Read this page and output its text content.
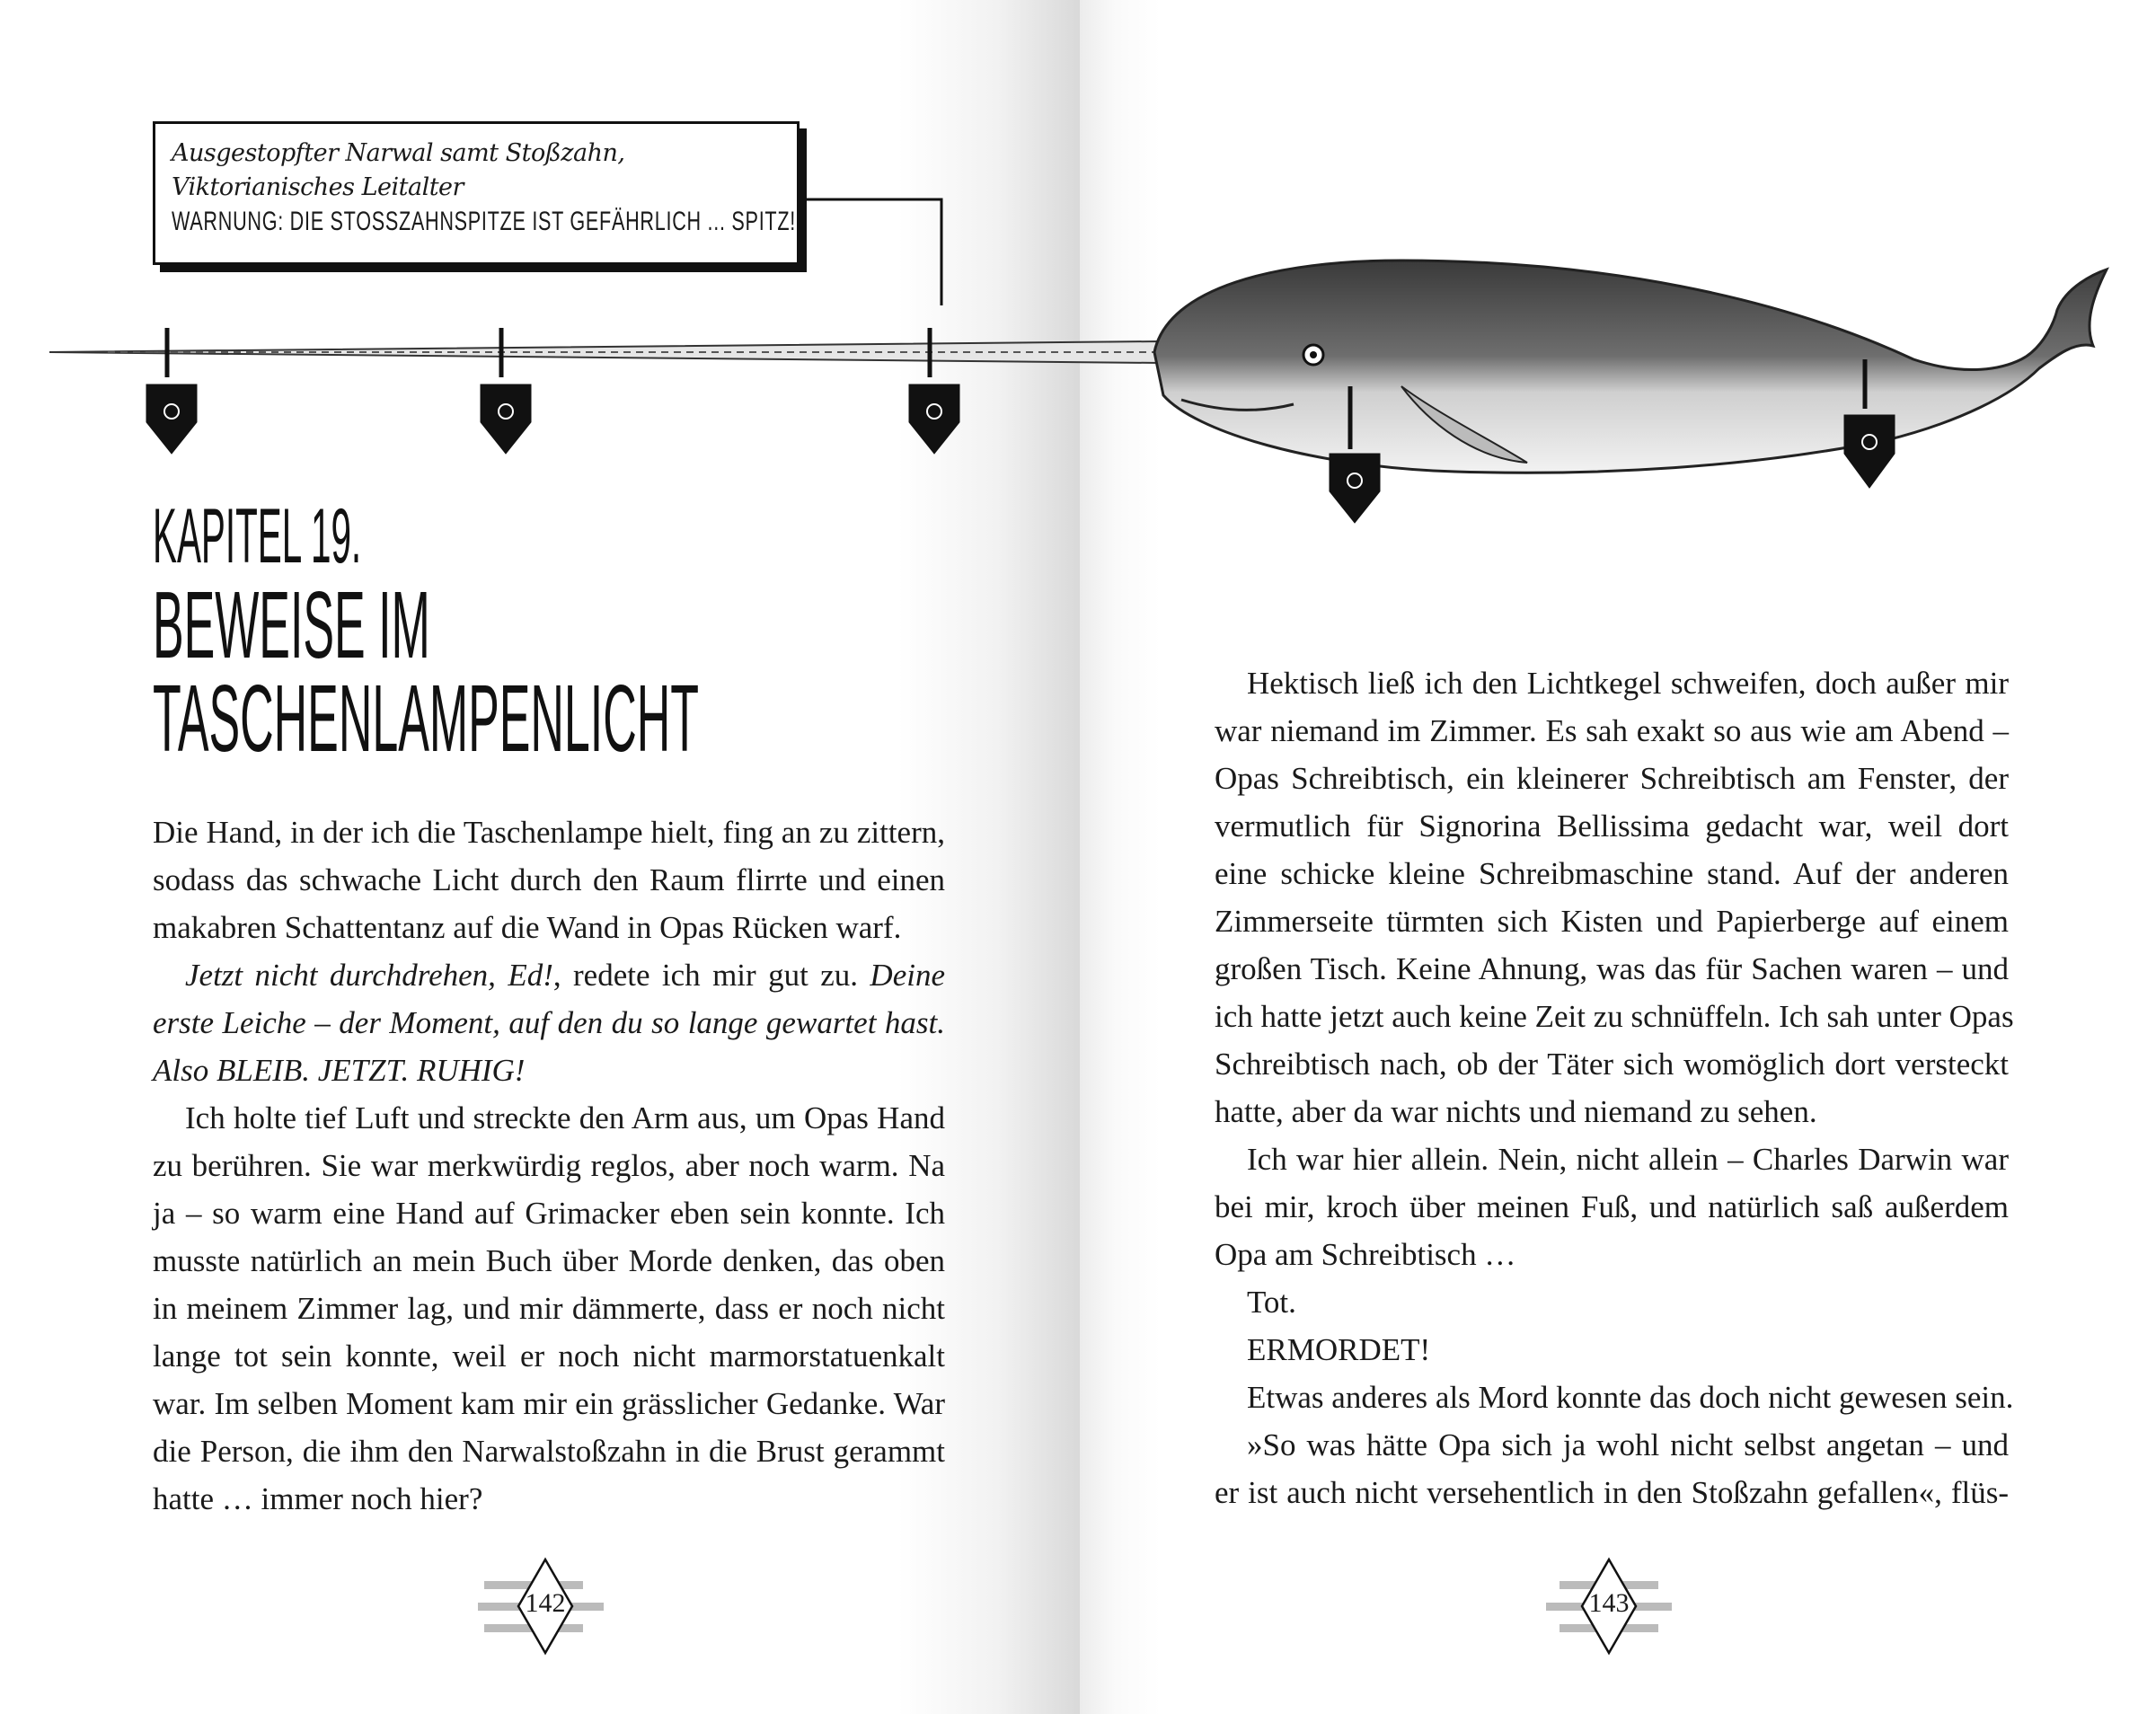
Ausgestopfter Narwal samt Stoßzahn,
Viktorianisches Leitalter
WARNUNG: DIE STOSSZAHNSPITZE IST GEFÄHRLICH ... SPITZ!
KAPITEL 19.
BEWEISE IM
TASCHENLAMPENLICHT
Die Hand, in der ich die Taschenlampe hielt, fing an zu zittern,
sodass das schwache Licht durch den Raum flirrte und einen
makabren Schattentanz auf die Wand in Opas Rücken warf.
Jetzt nicht durchdrehen, Ed!, redete ich mir gut zu. Deine
erste Leiche – der Moment, auf den du so lange gewartet hast.
Also BLEIB. JETZT. RUHIG!
Ich holte tief Luft und streckte den Arm aus, um Opas Hand
zu berühren. Sie war merkwürdig reglos, aber noch warm. Na
ja – so warm eine Hand auf Grimacker eben sein konnte. Ich
musste natürlich an mein Buch über Morde denken, das oben
in meinem Zimmer lag, und mir dämmerte, dass er noch nicht
lange tot sein konnte, weil er noch nicht marmorstatuenkalt
war. Im selben Moment kam mir ein grässlicher Gedanke. War
die Person, die ihm den Narwalstoßzahn in die Brust gerammt
hatte … immer noch hier?
Hektisch ließ ich den Lichtkegel schweifen, doch außer mir
war niemand im Zimmer. Es sah exakt so aus wie am Abend –
Opas Schreibtisch, ein kleinerer Schreibtisch am Fenster, der
vermutlich für Signorina Bellissima gedacht war, weil dort
eine schicke kleine Schreibmaschine stand. Auf der anderen
Zimmerseite türmten sich Kisten und Papierberge auf einem
großen Tisch. Keine Ahnung, was das für Sachen waren – und
ich hatte jetzt auch keine Zeit zu schnüffeln. Ich sah unter Opas
Schreibtisch nach, ob der Täter sich womöglich dort versteckt
hatte, aber da war nichts und niemand zu sehen.
Ich war hier allein. Nein, nicht allein – Charles Darwin war
bei mir, kroch über meinen Fuß, und natürlich saß außerdem
Opa am Schreibtisch …
Tot.
ERMORDET!
Etwas anderes als Mord konnte das doch nicht gewesen sein.
»So was hätte Opa sich ja wohl nicht selbst angetan – und
er ist auch nicht versehentlich in den Stoßzahn gefallen«, flüs-
142	143
